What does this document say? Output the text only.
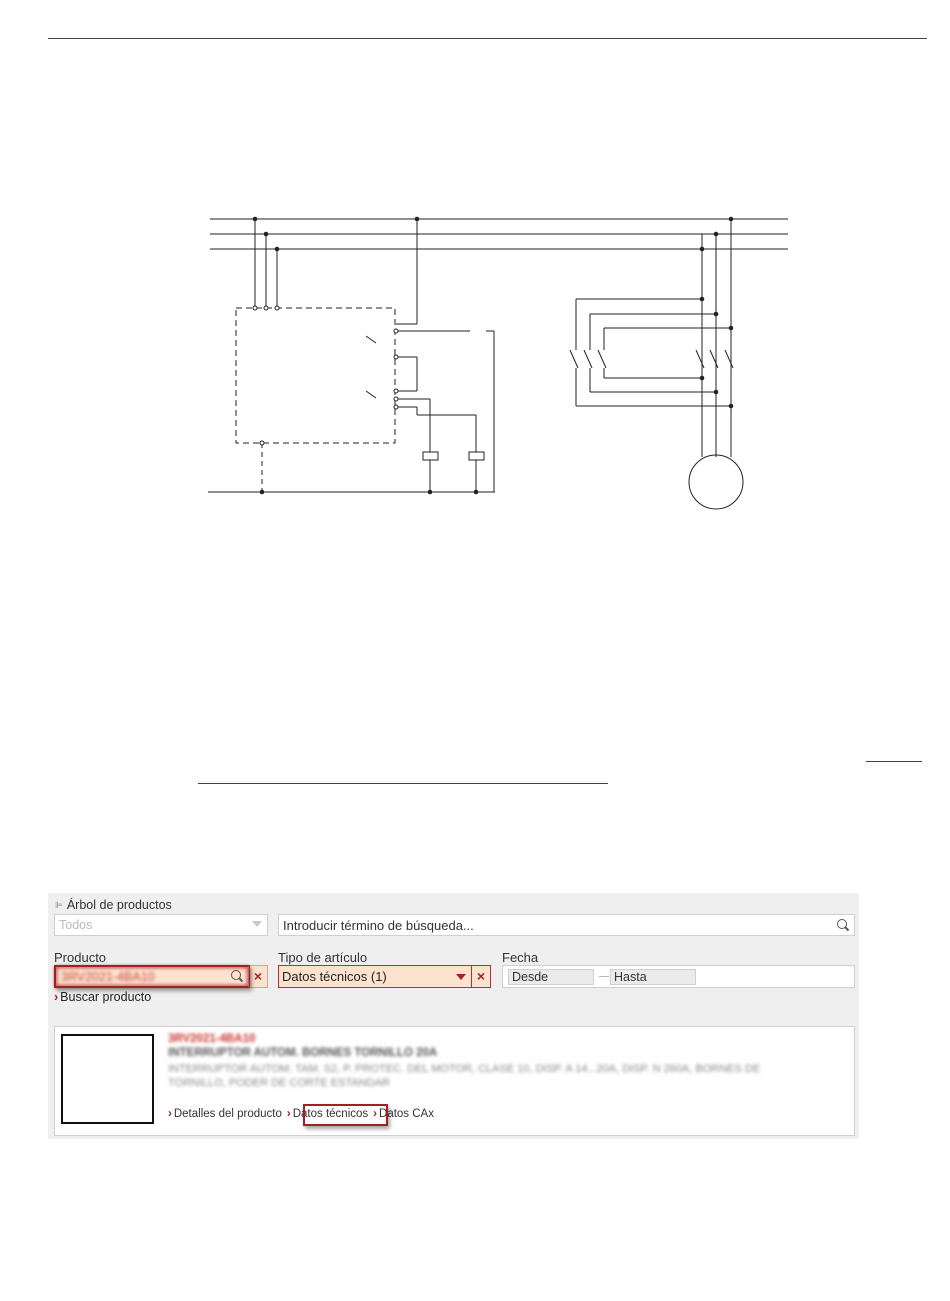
⊫ Árbol de productos
Todos	Introducir término de búsqueda...
Producto	Tipo de artículo	Fecha
3RV2021-4BA10	×	Datos técnicos (1)	×	Desde	Hasta
› Buscar producto
3RV2021-4BA10
INTERRUPTOR AUTOM. BORNES TORNILLO 20A
INTERRUPTOR AUTOM. TAM. S2, P. PROTEC. DEL MOTOR, CLASE 10, DISP. A 14...20A, DISP. N 260A, BORNES DE TORNILLO, PODER DE CORTE ESTANDAR
› Detalles del producto › Datos técnicos › Datos CAx
